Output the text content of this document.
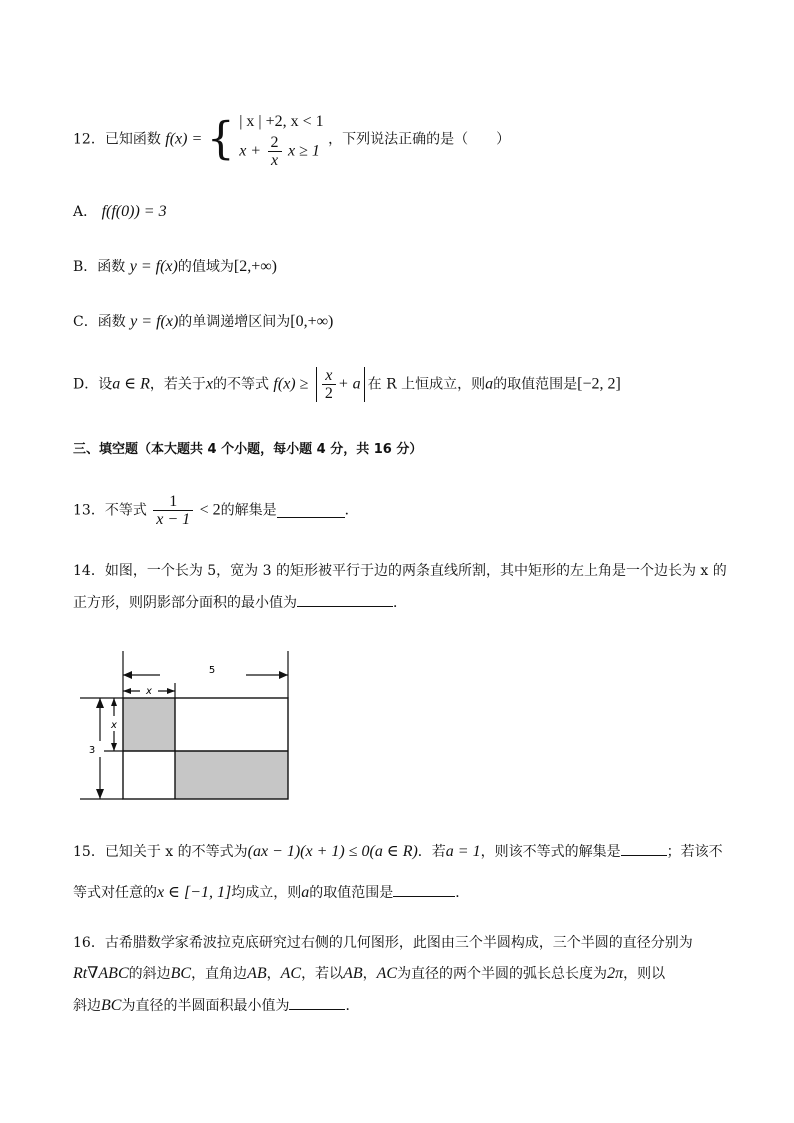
12．已知函数 f(x) = { | x | +2, x < 1
$x + \frac{2}{x}$ x ≥ 1
，下列说法正确的是（　　）
A． f(f(0)) = 3
B．函数 y = f(x)的值域为[2,+∞)
C．函数 y = f(x)的单调递增区间为[0,+∞)
D．设a ∈ R，若关于x的不等式 $f(x) \ge \frac{x}{2} + a$ 在 R 上恒成立，则a的取值范围是[−2, 2]
三、填空题（本大题共 4 个小题，每小题 4 分，共 16 分）
13．不等式 $\frac{1}{x - 1} < 2$的解集是	．
14．如图，一个长为 5，宽为 3 的矩形被平行于边的两条直线所割，其中矩形的左上角是一个边长为 x 的
正方形，则阴影部分面积的最小值为	．
5
x
x
3
15．已知关于 x 的不等式为(ax − 1)(x + 1) ≤ 0(a ∈ R)．若a = 1，则该不等式的解集是	；若该不
等式对任意的x ∈ [−1, 1]均成立，则a的取值范围是	．
16．古希腊数学家希波拉克底研究过右侧的几何图形，此图由三个半圆构成，三个半圆的直径分别为
Rt∇ABC的斜边BC，直角边AB，AC，若以AB，AC为直径的两个半圆的弧长总长度为2π，则以
斜边BC为直径的半圆面积最小值为	．
